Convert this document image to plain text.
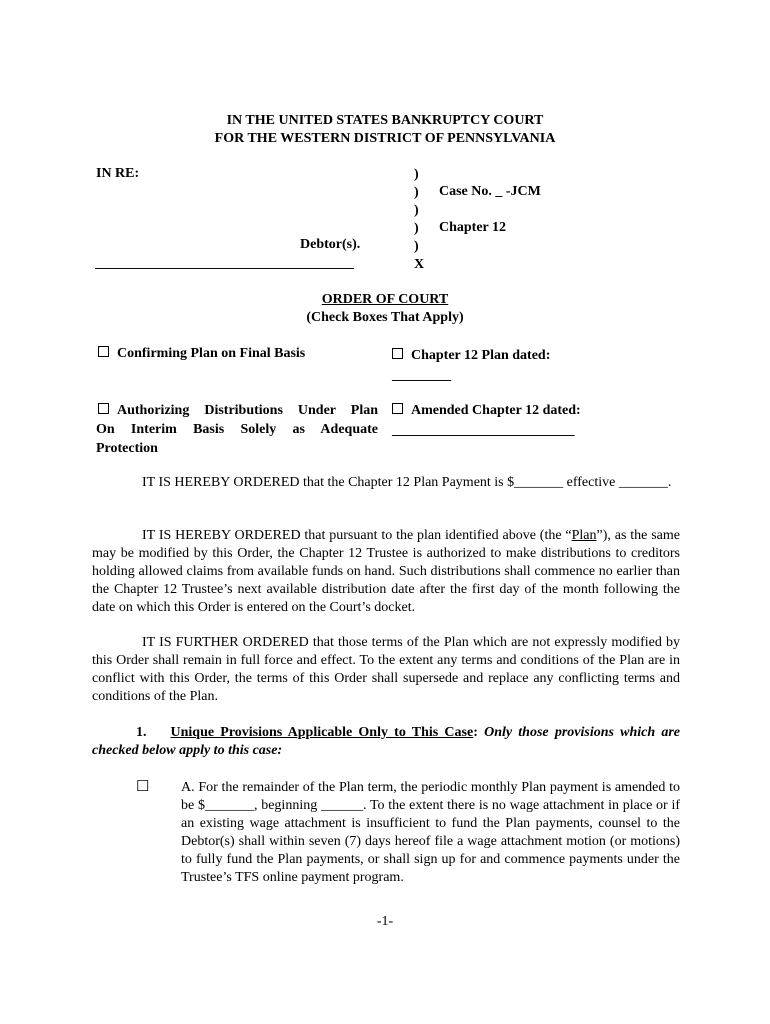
IN THE UNITED STATES BANKRUPTCY COURT
FOR THE WESTERN DISTRICT OF PENNSYLVANIA
IN RE:
Debtor(s).
___________________________________________
)
)
)
)
)
X
Case No. _ -JCM
Chapter 12
ORDER OF COURT
(Check Boxes That Apply)
Confirming Plan on Final Basis	Chapter 12 Plan dated:
_________
Authorizing Distributions Under Plan
On Interim Basis Solely as Adequate
Protection
Amended Chapter 12 dated:
____________________________
IT IS HEREBY ORDERED that the Chapter 12 Plan Payment is $_______ effective _______.
IT IS HEREBY ORDERED that pursuant to the plan identified above (the “Plan”), as the same may be modified by this Order, the Chapter 12 Trustee is authorized to make distributions to creditors holding allowed claims from available funds on hand. Such distributions shall commence no earlier than the Chapter 12 Trustee’s next available distribution date after the first day of the month following the date on which this Order is entered on the Court’s docket.
IT IS FURTHER ORDERED that those terms of the Plan which are not expressly modified by this Order shall remain in full force and effect. To the extent any terms and conditions of the Plan are in conflict with this Order, the terms of this Order shall supersede and replace any conflicting terms and conditions of the Plan.
1. Unique Provisions Applicable Only to This Case: Only those provisions which are checked below apply to this case:
☐ A. For the remainder of the Plan term, the periodic monthly Plan payment is amended to be $_______, beginning ______. To the extent there is no wage attachment in place or if an existing wage attachment is insufficient to fund the Plan payments, counsel to the Debtor(s) shall within seven (7) days hereof file a wage attachment motion (or motions) to fully fund the Plan payments, or shall sign up for and commence payments under the Trustee’s TFS online payment program.
-1-
